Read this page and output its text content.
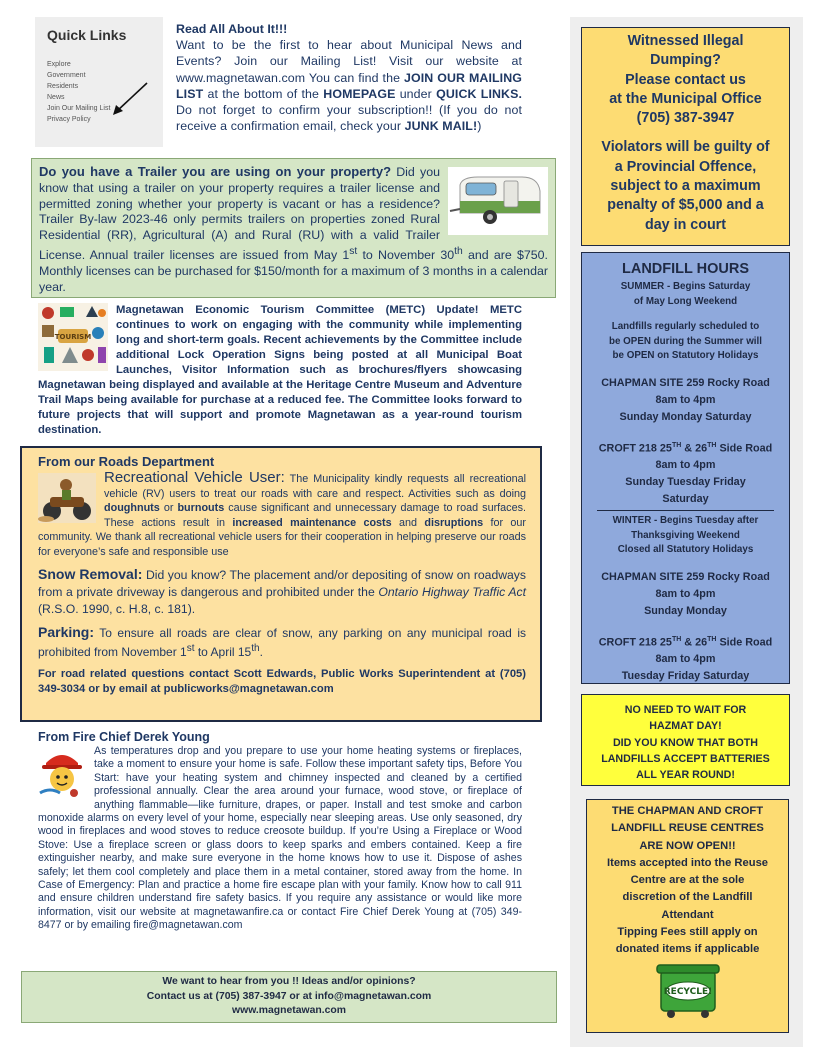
Quick Links
Explore
Government
Residents
News
Join Our Mailing List
Privacy Policy
Read All About It!!!

Want to be the first to hear about Municipal News and Events? Join our Mailing List! Visit our website at www.magnetawan.com You can find the JOIN OUR MAILING LIST at the bottom of the HOMEPAGE under QUICK LINKS. Do not forget to confirm your subscription!! (If you do not receive a confirmation email, check your JUNK MAIL!)

Do you have a Trailer you are using on your property? Did you know that using a trailer on your property requires a trailer license and permitted zoning whether your property is vacant or has a residence? Trailer By-law 2023-46 only permits trailers on properties zoned Rural Residential (RR), Agricultural (A) and Rural (RU) with a valid Trailer License. Annual trailer licenses are issued from May 1st to November 30th and are $750. Monthly licenses can be purchased for $150/month for a maximum of 3 months in a calendar year.

TOURISM

Magnetawan Economic Tourism Committee (METC) Update! METC continues to work on engaging with the community while implementing long and short-term goals. Recent achievements by the Committee include additional Lock Operation Signs being posted at all Municipal Boat Launches, Visitor Information such as brochures/flyers showcasing Magnetawan being displayed and available at the Heritage Centre Museum and Adventure Trail Maps being available for purchase at a reduced fee. The Committee looks forward to future projects that will support and promote Magnetawan as a year-round tourism destination.

From our Roads Department

Recreational Vehicle User: The Municipality kindly requests all recreational vehicle (RV) users to treat our roads with care and respect. Activities such as doing doughnuts or burnouts cause significant and unnecessary damage to road surfaces. These actions result in increased maintenance costs and disruptions for our community. We thank all recreational vehicle users for their cooperation in helping preserve our roads for everyone’s safe and responsible use

Snow Removal: Did you know? The placement and/or depositing of snow on roadways from a private driveway is dangerous and prohibited under the Ontario Highway Traffic Act (R.S.O. 1990, c. H.8, c. 181).

Parking: To ensure all roads are clear of snow, any parking on any municipal road is prohibited from November 1st to April 15th.

For road related questions contact Scott Edwards, Public Works Superintendent at (705) 349-3034 or by email at publicworks@magnetawan.com

From Fire Chief Derek Young

As temperatures drop and you prepare to use your home heating systems or fireplaces, take a moment to ensure your home is safe. Follow these important safety tips, Before You Start: have your heating system and chimney inspected and cleaned by a certified professional annually. Clear the area around your furnace, wood stove, or fireplace of anything flammable—like furniture, drapes, or paper. Install and test smoke and carbon monoxide alarms on every level of your home, especially near sleeping areas. Use only seasoned, dry wood in fireplaces and wood stoves to reduce creosote buildup. If you’re Using a Fireplace or Wood Stove: Use a fireplace screen or glass doors to keep sparks and embers contained. Keep a fire extinguisher nearby, and make sure everyone in the home knows how to use it. Dispose of ashes safely; let them cool completely and place them in a metal container, stored away from the home. In Case of Emergency: Plan and practice a home fire escape plan with your family. Know how to call 911 and ensure children understand fire safety basics. If you require any assistance or would like more information, visit our website at magnetawanfire.ca or contact Fire Chief Derek Young at (705) 349-8477 or by emailing fire@magnetawan.com

We want to hear from you !! Ideas and/or opinions?
Contact us at (705) 387-3947 or at info@magnetawan.com
www.magnetawan.com
Witnessed Illegal
Dumping?
Please contact us
at the Municipal Office
(705) 387-3947
Violators will be guilty of
a Provincial Offence,
subject to a maximum
penalty of $5,000 and a
day in court
LANDFILL HOURS
SUMMER - Begins Saturday
of May Long Weekend
Landfills regularly scheduled to
be OPEN during the Summer will
be OPEN on Statutory Holidays
CHAPMAN SITE 259 Rocky Road
8am to 4pm
Sunday Monday Saturday
CROFT 218 25TH & 26TH Side Road
8am to 4pm
Sunday Tuesday Friday
Saturday
WINTER - Begins Tuesday after
Thanksgiving Weekend
Closed all Statutory Holidays
CHAPMAN SITE 259 Rocky Road
8am to 4pm
Sunday Monday
CROFT 218 25TH & 26TH Side Road
8am to 4pm
Tuesday Friday Saturday
NO NEED TO WAIT FOR
HAZMAT DAY!
DID YOU KNOW THAT BOTH
LANDFILLS ACCEPT BATTERIES
ALL YEAR ROUND!
THE CHAPMAN AND CROFT
LANDFILL REUSE CENTRES
ARE NOW OPEN!!
Items accepted into the Reuse
Centre are at the sole
discretion of the Landfill
Attendant
Tipping Fees still apply on
donated items if applicable
RECYCLE!
